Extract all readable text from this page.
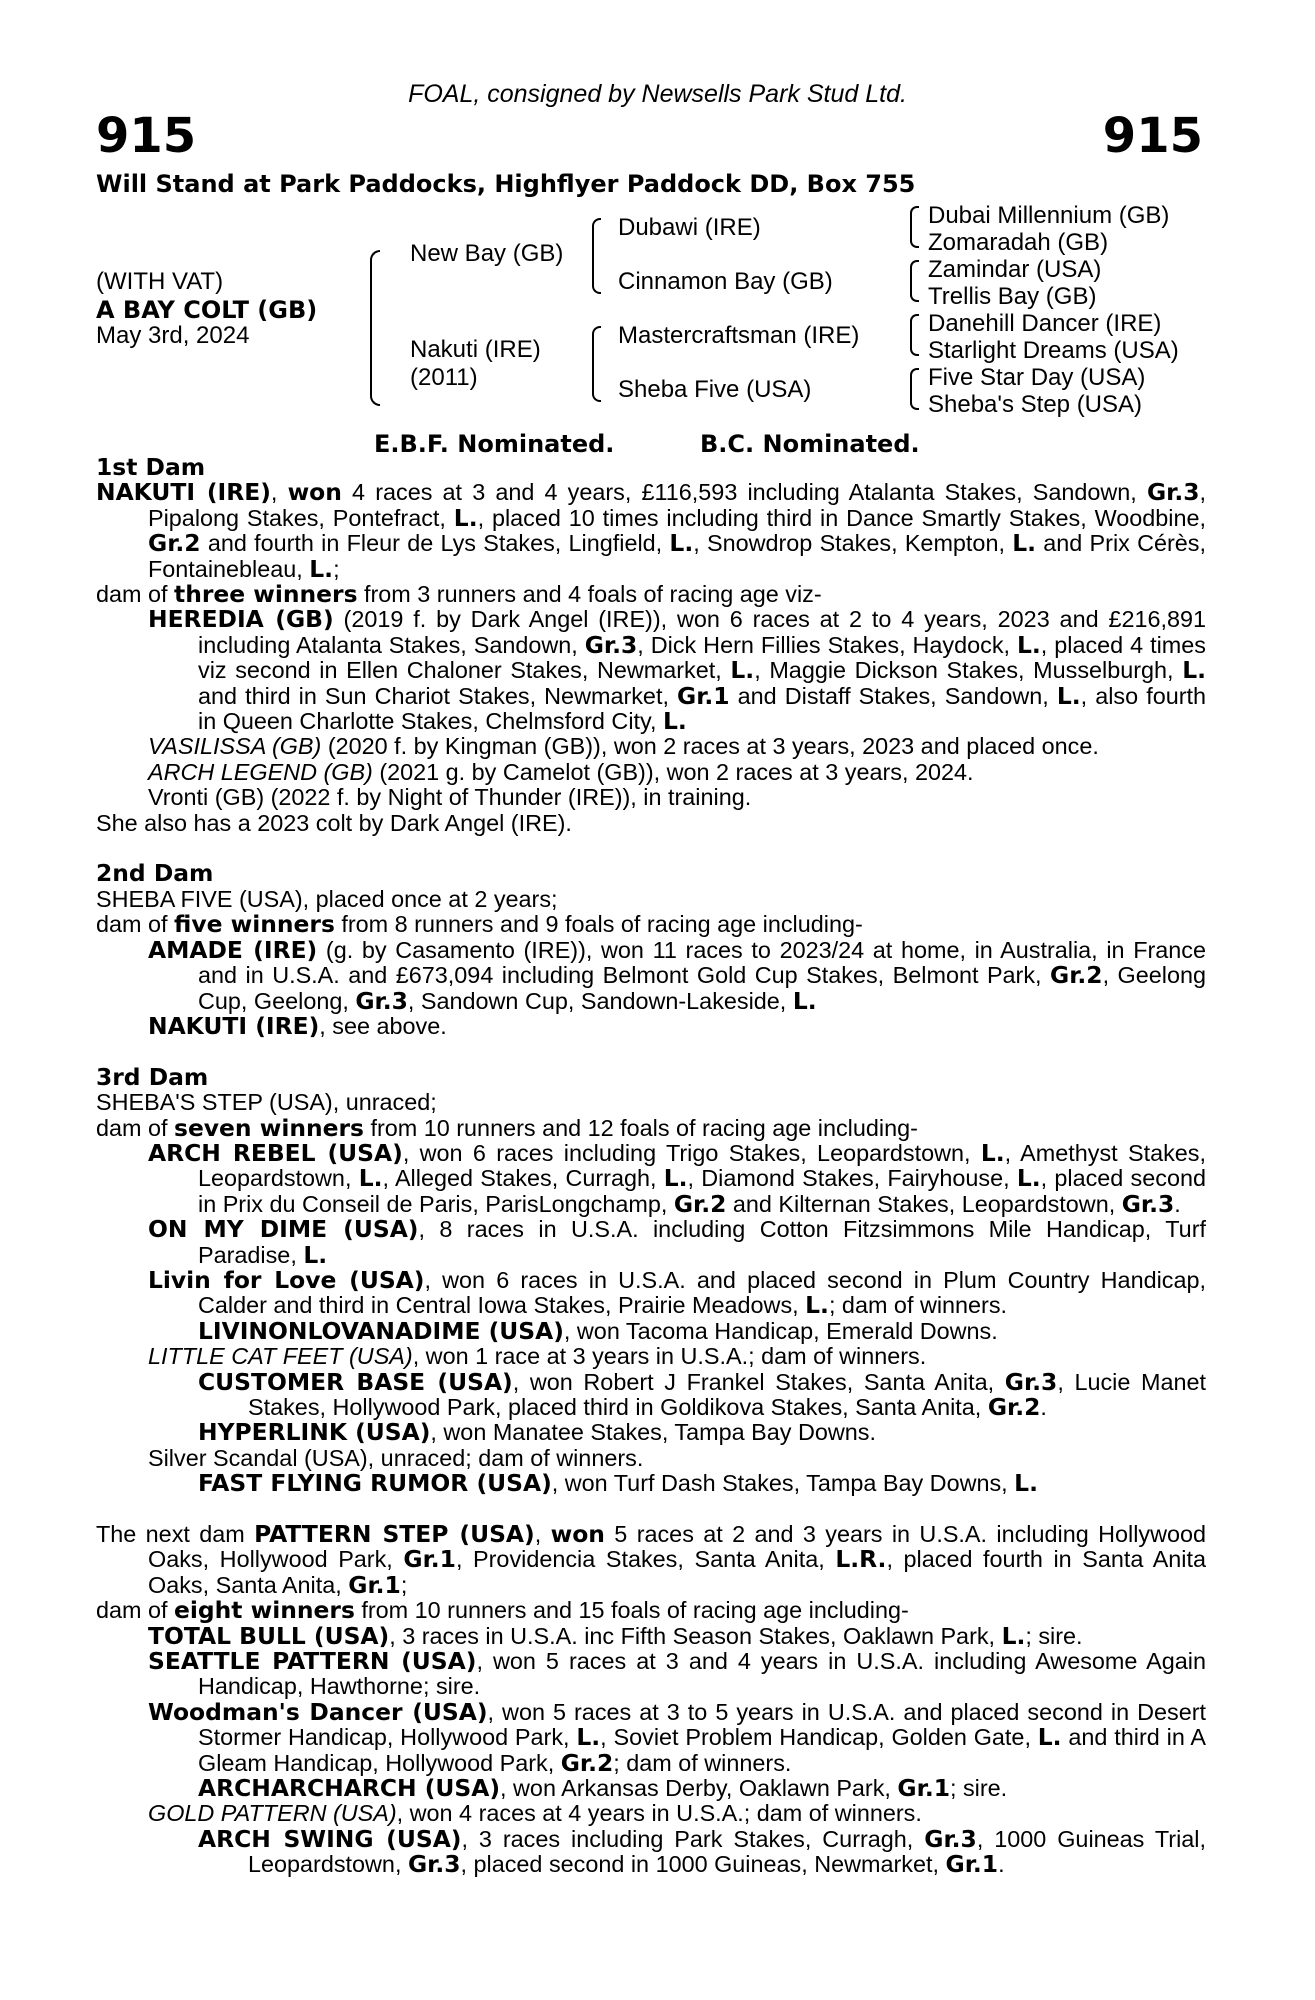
FOAL, consigned by Newsells Park Stud Ltd.
915	915
Will Stand at Park Paddocks, Highflyer Paddock DD, Box 755
(WITH VAT)
A BAY COLT (GB)
May 3rd, 2024
New Bay (GB)
Nakuti (IRE)
(2011)
Dubawi (IRE)
Cinnamon Bay (GB)
Mastercraftsman (IRE)
Sheba Five (USA)
Dubai Millennium (GB)
Zomaradah (GB)
Zamindar (USA)
Trellis Bay (GB)
Danehill Dancer (IRE)
Starlight Dreams (USA)
Five Star Day (USA)
Sheba's Step (USA)
E.B.F. Nominated.	B.C. Nominated.

1st Dam

NAKUTI (IRE), won 4 races at 3 and 4 years, £116,593 including Atalanta Stakes, Sandown, Gr.3, Pipalong Stakes, Pontefract, L., placed 10 times including third in Dance Smartly Stakes, Woodbine, Gr.2 and fourth in Fleur de Lys Stakes, Lingfield, L., Snowdrop Stakes, Kempton, L. and Prix Cérès, Fontainebleau, L.;

dam of three winners from 3 runners and 4 foals of racing age viz-

HEREDIA (GB) (2019 f. by Dark Angel (IRE)), won 6 races at 2 to 4 years, 2023 and £216,891 including Atalanta Stakes, Sandown, Gr.3, Dick Hern Fillies Stakes, Haydock, L., placed 4 times viz second in Ellen Chaloner Stakes, Newmarket, L., Maggie Dickson Stakes, Musselburgh, L. and third in Sun Chariot Stakes, Newmarket, Gr.1 and Distaff Stakes, Sandown, L., also fourth in Queen Charlotte Stakes, Chelmsford City, L.

VASILISSA (GB) (2020 f. by Kingman (GB)), won 2 races at 3 years, 2023 and placed once.

ARCH LEGEND (GB) (2021 g. by Camelot (GB)), won 2 races at 3 years, 2024.

Vronti (GB) (2022 f. by Night of Thunder (IRE)), in training.

She also has a 2023 colt by Dark Angel (IRE).

2nd Dam

SHEBA FIVE (USA), placed once at 2 years;

dam of five winners from 8 runners and 9 foals of racing age including-

AMADE (IRE) (g. by Casamento (IRE)), won 11 races to 2023/24 at home, in Australia, in France and in U.S.A. and £673,094 including Belmont Gold Cup Stakes, Belmont Park, Gr.2, Geelong Cup, Geelong, Gr.3, Sandown Cup, Sandown-Lakeside, L.

NAKUTI (IRE), see above.

3rd Dam

SHEBA'S STEP (USA), unraced;

dam of seven winners from 10 runners and 12 foals of racing age including-

ARCH REBEL (USA), won 6 races including Trigo Stakes, Leopardstown, L., Amethyst Stakes, Leopardstown, L., Alleged Stakes, Curragh, L., Diamond Stakes, Fairyhouse, L., placed second in Prix du Conseil de Paris, ParisLongchamp, Gr.2 and Kilternan Stakes, Leopardstown, Gr.3.

ON MY DIME (USA), 8 races in U.S.A. including Cotton Fitzsimmons Mile Handicap, Turf Paradise, L.

Livin for Love (USA), won 6 races in U.S.A. and placed second in Plum Country Handicap, Calder and third in Central Iowa Stakes, Prairie Meadows, L.; dam of winners.

LIVINONLOVANADIME (USA), won Tacoma Handicap, Emerald Downs.

LITTLE CAT FEET (USA), won 1 race at 3 years in U.S.A.; dam of winners.

CUSTOMER BASE (USA), won Robert J Frankel Stakes, Santa Anita, Gr.3, Lucie Manet Stakes, Hollywood Park, placed third in Goldikova Stakes, Santa Anita, Gr.2.

HYPERLINK (USA), won Manatee Stakes, Tampa Bay Downs.

Silver Scandal (USA), unraced; dam of winners.

FAST FLYING RUMOR (USA), won Turf Dash Stakes, Tampa Bay Downs, L.

The next dam PATTERN STEP (USA), won 5 races at 2 and 3 years in U.S.A. including Hollywood Oaks, Hollywood Park, Gr.1, Providencia Stakes, Santa Anita, L.R., placed fourth in Santa Anita Oaks, Santa Anita, Gr.1;

dam of eight winners from 10 runners and 15 foals of racing age including-

TOTAL BULL (USA), 3 races in U.S.A. inc Fifth Season Stakes, Oaklawn Park, L.; sire.

SEATTLE PATTERN (USA), won 5 races at 3 and 4 years in U.S.A. including Awesome Again Handicap, Hawthorne; sire.

Woodman's Dancer (USA), won 5 races at 3 to 5 years in U.S.A. and placed second in Desert Stormer Handicap, Hollywood Park, L., Soviet Problem Handicap, Golden Gate, L. and third in A Gleam Handicap, Hollywood Park, Gr.2; dam of winners.

ARCHARCHARCH (USA), won Arkansas Derby, Oaklawn Park, Gr.1; sire.

GOLD PATTERN (USA), won 4 races at 4 years in U.S.A.; dam of winners.

ARCH SWING (USA), 3 races including Park Stakes, Curragh, Gr.3, 1000 Guineas Trial, Leopardstown, Gr.3, placed second in 1000 Guineas, Newmarket, Gr.1.
